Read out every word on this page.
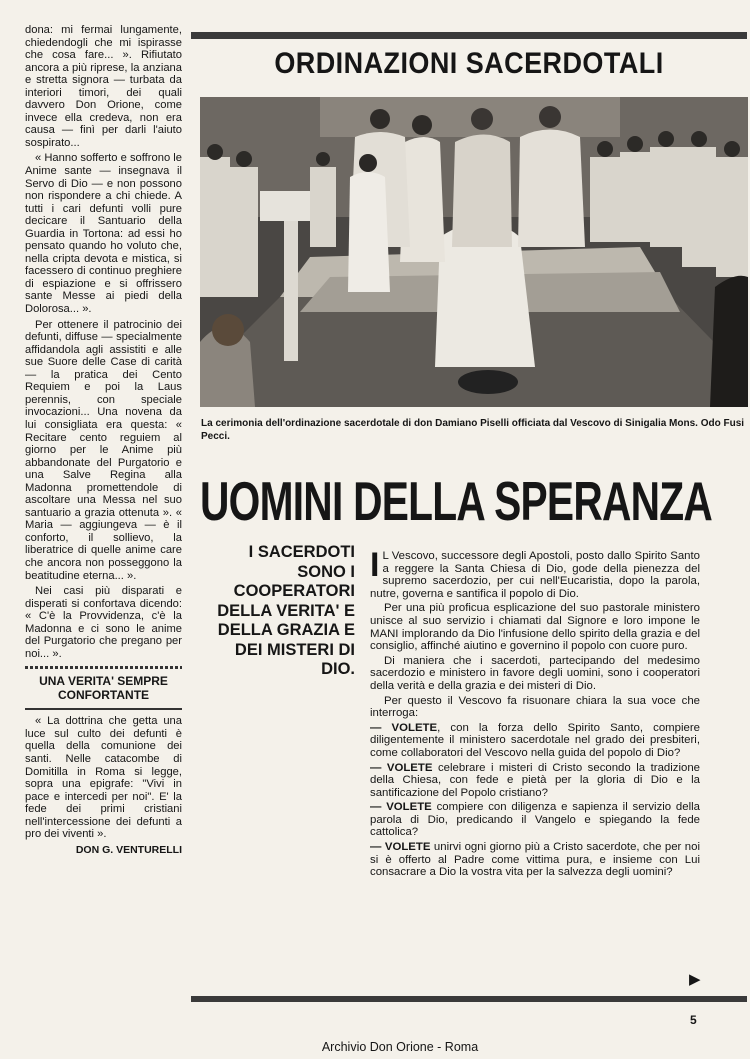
dona: mi fermai lungamente, chiedendogli che mi ispirasse che cosa fare... ». Rifiutato ancora a più riprese, la anziana e stretta signora — turbata da interiori timori, dei quali davvero Don Orione, come invece ella credeva, non era causa — finì per darli l'aiuto sospirato...

« Hanno sofferto e soffrono le Anime sante — insegnava il Servo di Dio — e non possono non rispondere a chi chiede. A tutti i cari defunti volli pure decicare il Santuario della Guardia in Tortona: ad essi ho pensato quando ho voluto che, nella cripta devota e mistica, si facessero di continuo preghiere di espiazione e si offrissero sante Messe ai piedi della Dolorosa... ».

Per ottenere il patrocinio dei defunti, diffuse — specialmente affidandola agli assistiti e alle sue Suore delle Case di carità — la pratica dei Cento Requiem e poi la Laus perennis, con speciale invocazioni... Una novena da lui consigliata era questa: « Recitare cento reguiem al giorno per le Anime più abbandonate del Purgatorio e una Salve Regina alla Madonna promettendole di ascoltare una Messa nel suo santuario a grazia ottenuta ». « Maria — aggiungeva — è il conforto, il sollievo, la liberatrice di quelle anime care che ancora non posseggono la beatitudine eterna... ».

Nei casi più disparati e disperati si confortava dicendo: « C'è la Provvidenza, c'è la Madonna e ci sono le anime del Purgatorio che pregano per noi... ».

UNA VERITA' SEMPRE CONFORTANTE

« La dottrina che getta una luce sul culto dei defunti è quella della comunione dei santi. Nelle catacombe di Domitilla in Roma si legge, sopra una epigrafe: "Vivi in pace e intercedi per noi". E' la fede dei primi cristiani nell'intercessione dei defunti a pro dei viventi ».

DON G. VENTURELLI
ORDINAZIONI SACERDOTALI
La cerimonia dell'ordinazione sacerdotale di don Damiano Piselli officiata dal Vescovo di Sinigalia Mons. Odo Fusi Pecci.
UOMINI DELLA SPERANZA
I SACERDOTI SONO I COOPERATORI DELLA VERITA' E DELLA GRAZIA E DEI MISTERI DI DIO.

I L Vescovo, successore degli Apostoli, posto dallo Spirito Santo a reggere la Santa Chiesa di Dio, gode della pienezza del supremo sacerdozio, per cui nell'Eucaristia, dopo la parola, nutre, governa e santifica il popolo di Dio.

Per una più proficua esplicazione del suo pastorale ministero unisce al suo servizio i chiamati dal Signore e loro impone le MANI implorando da Dio l'infusione dello spirito della grazia e del consiglio, affinché aiutino e governino il popolo con cuore puro.

Di maniera che i sacerdoti, partecipando del medesimo sacerdozio e ministero in favore degli uomini, sono i cooperatori della verità e della grazia e dei misteri di Dio.

Per questo il Vescovo fa risuonare chiara la sua voce che interroga:

— VOLETE, con la forza dello Spirito Santo, compiere diligentemente il ministero sacerdotale nel grado dei presbiteri, come collaboratori del Vescovo nella guida del popolo di Dio?

— VOLETE celebrare i misteri di Cristo secondo la tradizione della Chiesa, con fede e pietà per la gloria di Dio e la santificazione del Popolo cristiano?

— VOLETE compiere con diligenza e sapienza il servizio della parola di Dio, predicando il Vangelo e spiegando la fede cattolica?

— VOLETE unirvi ogni giorno più a Cristo sacerdote, che per noi si è offerto al Padre come vittima pura, e insieme con Lui consacrare a Dio la vostra vita per la salvezza degli uomini?

▶
5
Archivio Don Orione - Roma
